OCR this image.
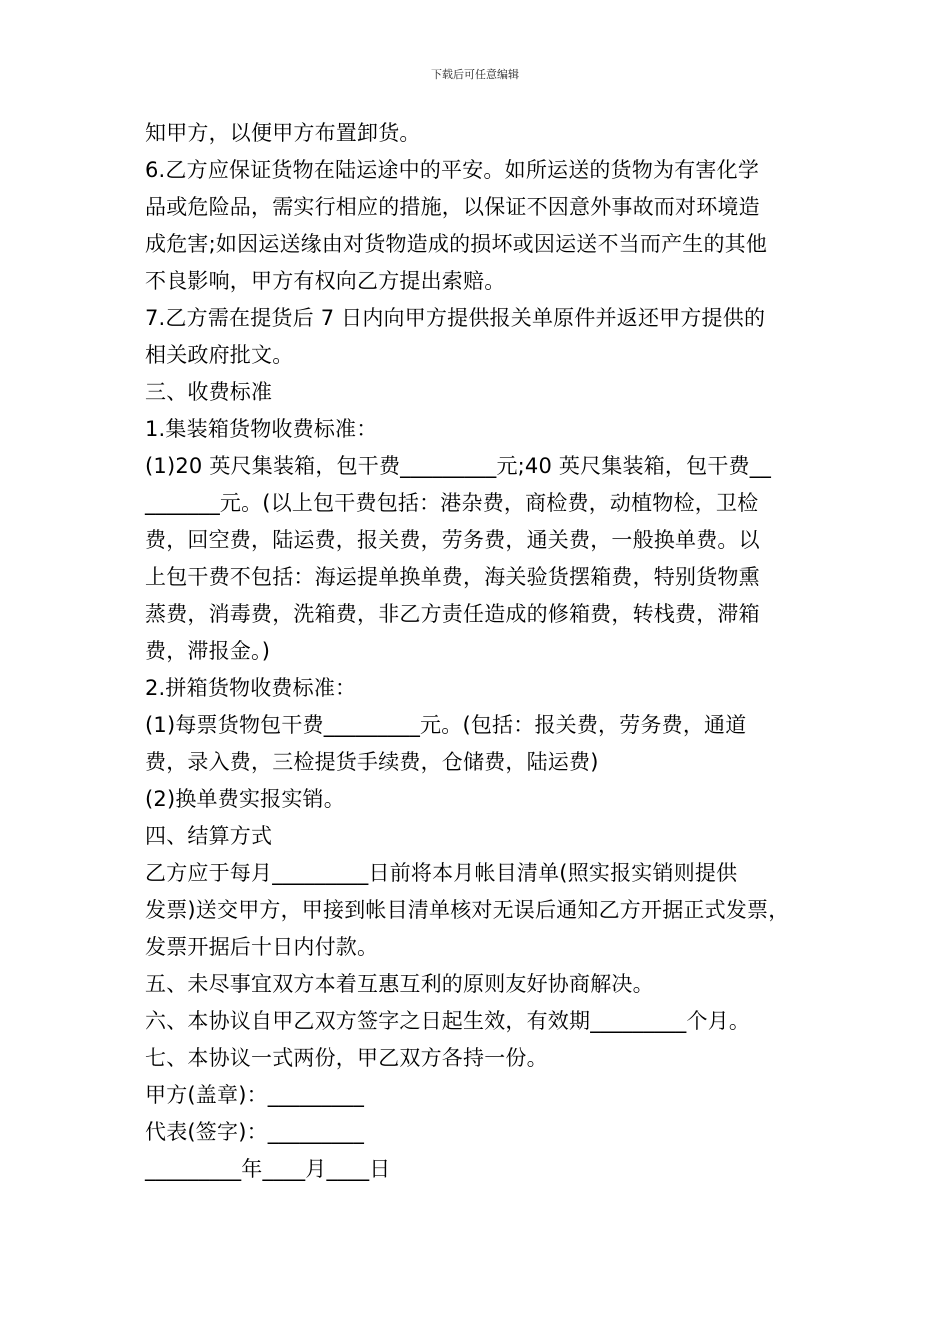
下载后可任意编辑
知甲方，以便甲方布置卸货。
6.乙方应保证货物在陆运途中的平安。如所运送的货物为有害化学
品或危险品，需实行相应的措施，以保证不因意外事故而对环境造
成危害;如因运送缘由对货物造成的损坏或因运送不当而产生的其他
不良影响，甲方有权向乙方提出索赔。
7.乙方需在提货后 7 日内向甲方提供报关单原件并返还甲方提供的
相关政府批文。
三、收费标准
1.集装箱货物收费标准：
(1)20 英尺集装箱，包干费_________元;40 英尺集装箱，包干费__
_______元。(以上包干费包括：港杂费，商检费，动植物检，卫检
费，回空费，陆运费，报关费，劳务费，通关费，一般换单费。以
上包干费不包括：海运提单换单费，海关验货摆箱费，特别货物熏
蒸费，消毒费，洗箱费，非乙方责任造成的修箱费，转栈费，滞箱
费，滞报金。)
2.拼箱货物收费标准：
(1)每票货物包干费_________元。(包括：报关费，劳务费，通道
费，录入费，三检提货手续费，仓储费，陆运费)
(2)换单费实报实销。
四、结算方式
乙方应于每月_________日前将本月帐目清单(照实报实销则提供
发票)送交甲方，甲接到帐目清单核对无误后通知乙方开据正式发票，
发票开据后十日内付款。
五、未尽事宜双方本着互惠互利的原则友好协商解决。
六、本协议自甲乙双方签字之日起生效，有效期_________个月。
七、本协议一式两份，甲乙双方各持一份。
甲方(盖章)：_________
代表(签字)：_________
_________年____月____日
